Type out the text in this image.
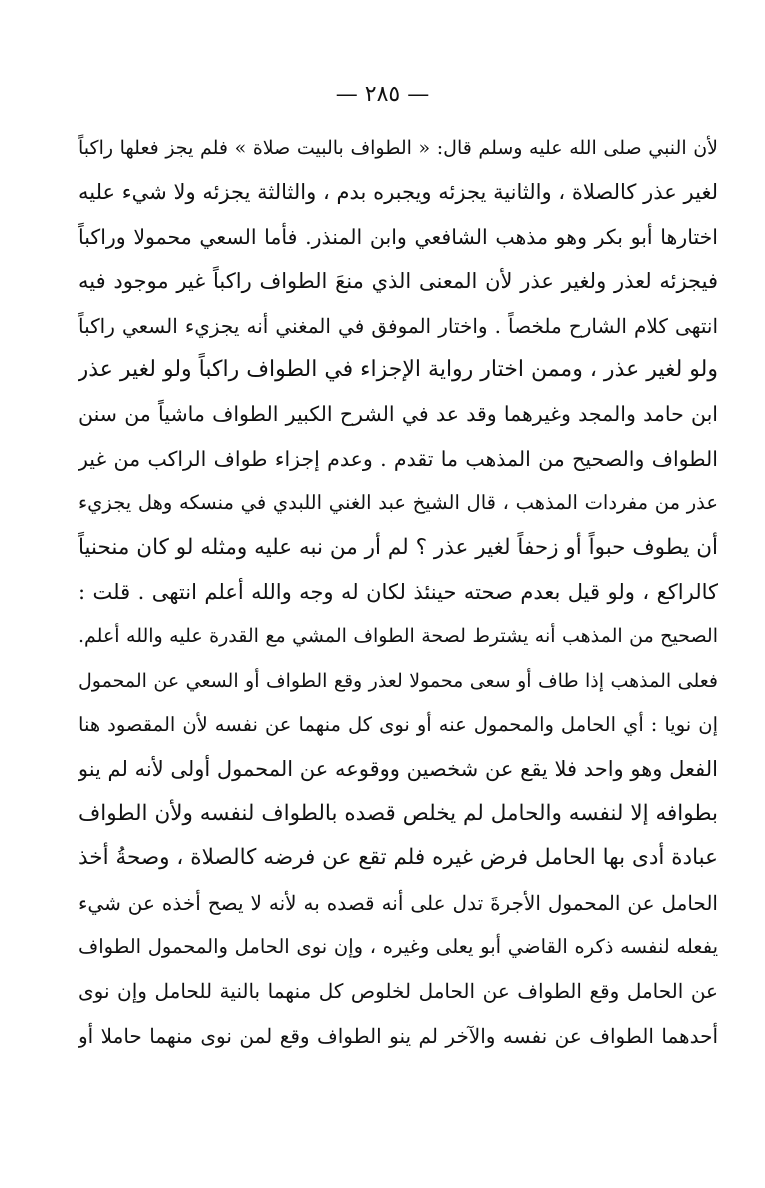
— ٢٨٥ —
لأن النبي صلى الله عليه وسلم قال: « الطواف بالبيت صلاة » فلم يجز فعلها راكباً
لغير عذر كالصلاة ، والثانية يجزئه ويجبره بدم ، والثالثة يجزئه ولا شيء عليه
اختارها أبو بكر وهو مذهب الشافعي وابن المنذر. فأما السعي محمولا وراكباً
فيجزئه لعذر ولغير عذر لأن المعنى الذي منعَ الطواف راكباً غير موجود فيه
انتهى كلام الشارح ملخصاً . واختار الموفق في المغني أنه يجزيء السعي راكباً
ولو لغير عذر ، وممن اختار رواية الإجزاء في الطواف راكباً ولو لغير عذر
ابن حامد والمجد وغيرهما وقد عد في الشرح الكبير الطواف ماشياً من سنن
الطواف والصحيح من المذهب ما تقدم . وعدم إجزاء طواف الراكب من غير
عذر من مفردات المذهب ، قال الشيخ عبد الغني اللبدي في منسكه وهل يجزيء
أن يطوف حبواً أو زحفاً لغير عذر ؟ لم أر من نبه عليه ومثله لو كان منحنياً
كالراكع ، ولو قيل بعدم صحته حينئذ لكان له وجه والله أعلم انتهى . قلت :
الصحيح من المذهب أنه يشترط لصحة الطواف المشي مع القدرة عليه والله أعلم.
فعلى المذهب إذا طاف أو سعى محمولا لعذر وقع الطواف أو السعي عن المحمول
إن نويا : أي الحامل والمحمول عنه أو نوى كل منهما عن نفسه لأن المقصود هنا
الفعل وهو واحد فلا يقع عن شخصين ووقوعه عن المحمول أولى لأنه لم ينو
بطوافه إلا لنفسه والحامل لم يخلص قصده بالطواف لنفسه ولأن الطواف
عبادة أدى بها الحامل فرض غيره فلم تقع عن فرضه كالصلاة ، وصحةُ أخذ
الحامل عن المحمول الأجرةَ تدل على أنه قصده به لأنه لا يصح أخذه عن شيء
يفعله لنفسه ذكره القاضي أبو يعلى وغيره ، وإن نوى الحامل والمحمول الطواف
عن الحامل وقع الطواف عن الحامل لخلوص كل منهما بالنية للحامل وإن نوى
أحدهما الطواف عن نفسه والآخر لم ينو الطواف وقع لمن نوى منهما حاملا أو
